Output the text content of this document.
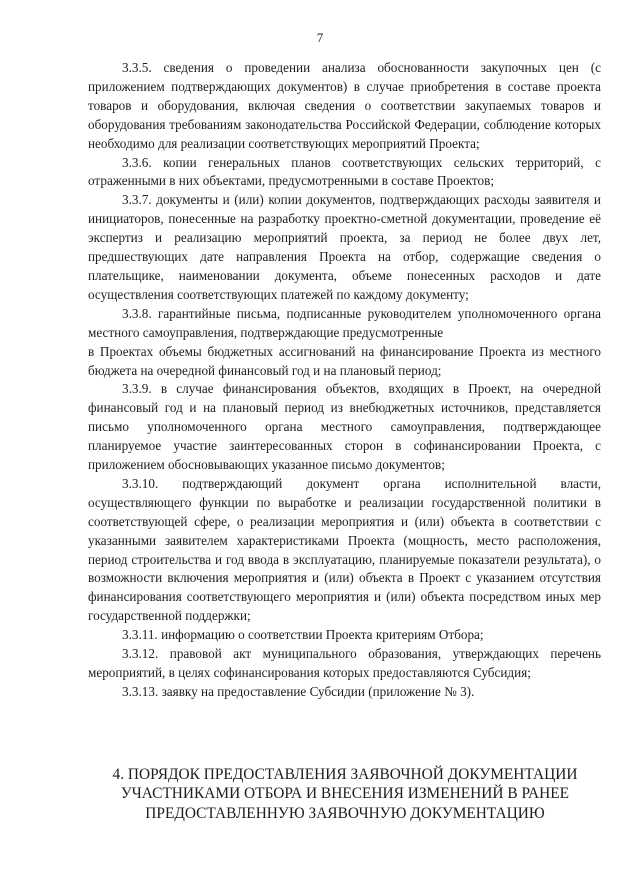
7

3.3.5. сведения о проведении анализа обоснованности закупочных цен (с приложением подтверждающих документов) в случае приобретения в составе проекта товаров и оборудования, включая сведения о соответствии закупаемых товаров и оборудования требованиям законодательства Российской Федерации, соблюдение которых необходимо для реализации соответствующих мероприятий Проекта;

3.3.6. копии генеральных планов соответствующих сельских территорий, с отраженными в них объектами, предусмотренными в составе Проектов;

3.3.7. документы и (или) копии документов, подтверждающих расходы заявителя и инициаторов, понесенные на разработку проектно-сметной документации, проведение её экспертиз и реализацию мероприятий проекта, за период не более двух лет, предшествующих дате направления Проекта на отбор, содержащие сведения о плательщике, наименовании документа, объеме понесенных расходов и дате осуществления соответствующих платежей по каждому документу;

3.3.8. гарантийные письма, подписанные руководителем уполномоченного органа местного самоуправления, подтверждающие предусмотренные

в Проектах объемы бюджетных ассигнований на финансирование Проекта из местного бюджета на очередной финансовый год и на плановый период;

3.3.9. в случае финансирования объектов, входящих в Проект, на очередной финансовый год и на плановый период из внебюджетных источников, представляется письмо уполномоченного органа местного самоуправления, подтверждающее планируемое участие заинтересованных сторон в софинансировании Проекта, с приложением обосновывающих указанное письмо документов;

3.3.10. подтверждающий документ органа исполнительной власти, осуществляющего функции по выработке и реализации государственной политики в соответствующей сфере, о реализации мероприятия и (или) объекта в соответствии с указанными заявителем характеристиками Проекта (мощность, место расположения, период строительства и год ввода в эксплуатацию, планируемые показатели результата), о возможности включения мероприятия и (или) объекта в Проект с указанием отсутствия финансирования соответствующего мероприятия и (или) объекта посредством иных мер государственной поддержки;

3.3.11. информацию о соответствии Проекта критериям Отбора;

3.3.12. правовой акт муниципального образования, утверждающих перечень мероприятий, в целях софинансирования которых предоставляются Субсидия;

3.3.13. заявку на предоставление Субсидии (приложение № 3).

4. ПОРЯДОК ПРЕДОСТАВЛЕНИЯ ЗАЯВОЧНОЙ ДОКУМЕНТАЦИИ
УЧАСТНИКАМИ ОТБОРА И ВНЕСЕНИЯ ИЗМЕНЕНИЙ В РАНЕЕ
ПРЕДОСТАВЛЕННУЮ ЗАЯВОЧНУЮ ДОКУМЕНТАЦИЮ
